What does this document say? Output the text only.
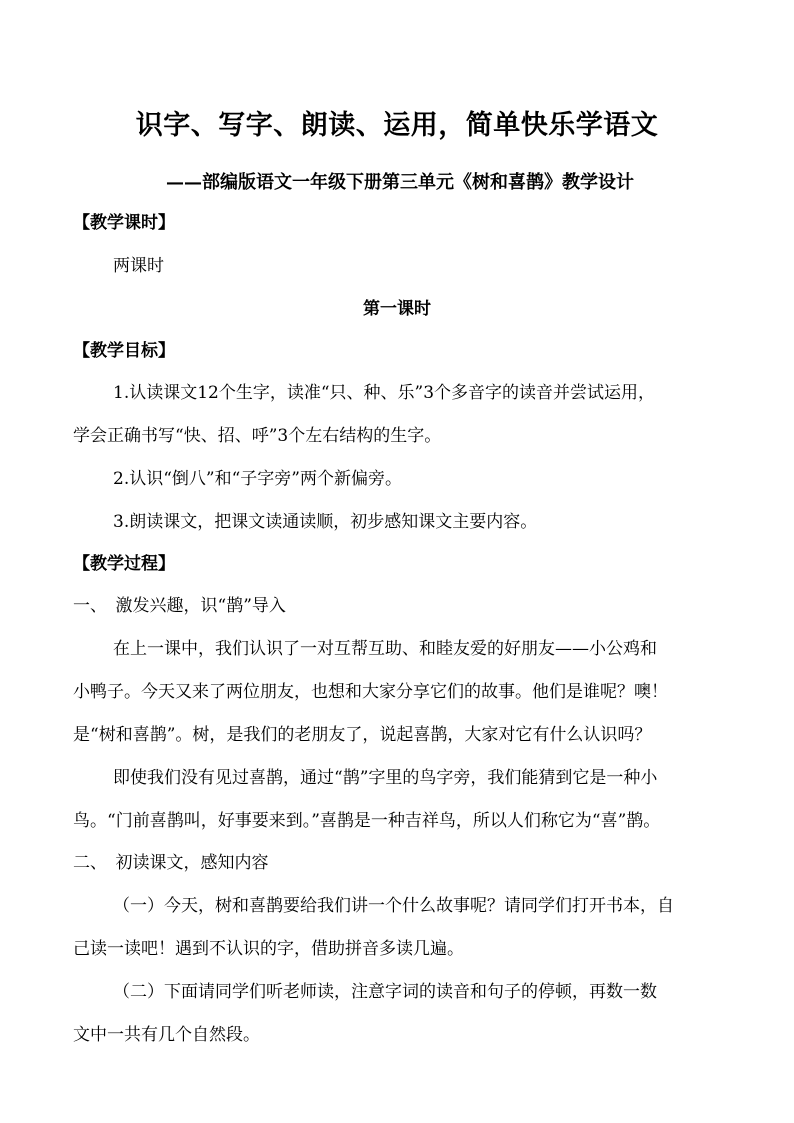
识字、写字、朗读、运用，简单快乐学语文
——部编版语文一年级下册第三单元《树和喜鹊》教学设计
【教学课时】
两课时
第一课时
【教学目标】
1.认读课文12个生字，读准“只、种、乐”3个多音字的读音并尝试运用，
学会正确书写“快、招、呼”3个左右结构的生字。
2.认识“倒八”和“子字旁”两个新偏旁。
3.朗读课文，把课文读通读顺，初步感知课文主要内容。
【教学过程】
一、　激发兴趣，识“鹊”导入
在上一课中，我们认识了一对互帮互助、和睦友爱的好朋友——小公鸡和
小鸭子。今天又来了两位朋友，也想和大家分享它们的故事。他们是谁呢？噢！
是“树和喜鹊”。树，是我们的老朋友了，说起喜鹊，大家对它有什么认识吗？
即使我们没有见过喜鹊，通过“鹊”字里的鸟字旁，我们能猜到它是一种小
鸟。“门前喜鹊叫，好事要来到。”喜鹊是一种吉祥鸟，所以人们称它为“喜”鹊。
二、　初读课文，感知内容
（一）今天，树和喜鹊要给我们讲一个什么故事呢？请同学们打开书本，自
己读一读吧！遇到不认识的字，借助拼音多读几遍。
（二）下面请同学们听老师读，注意字词的读音和句子的停顿，再数一数
文中一共有几个自然段。
